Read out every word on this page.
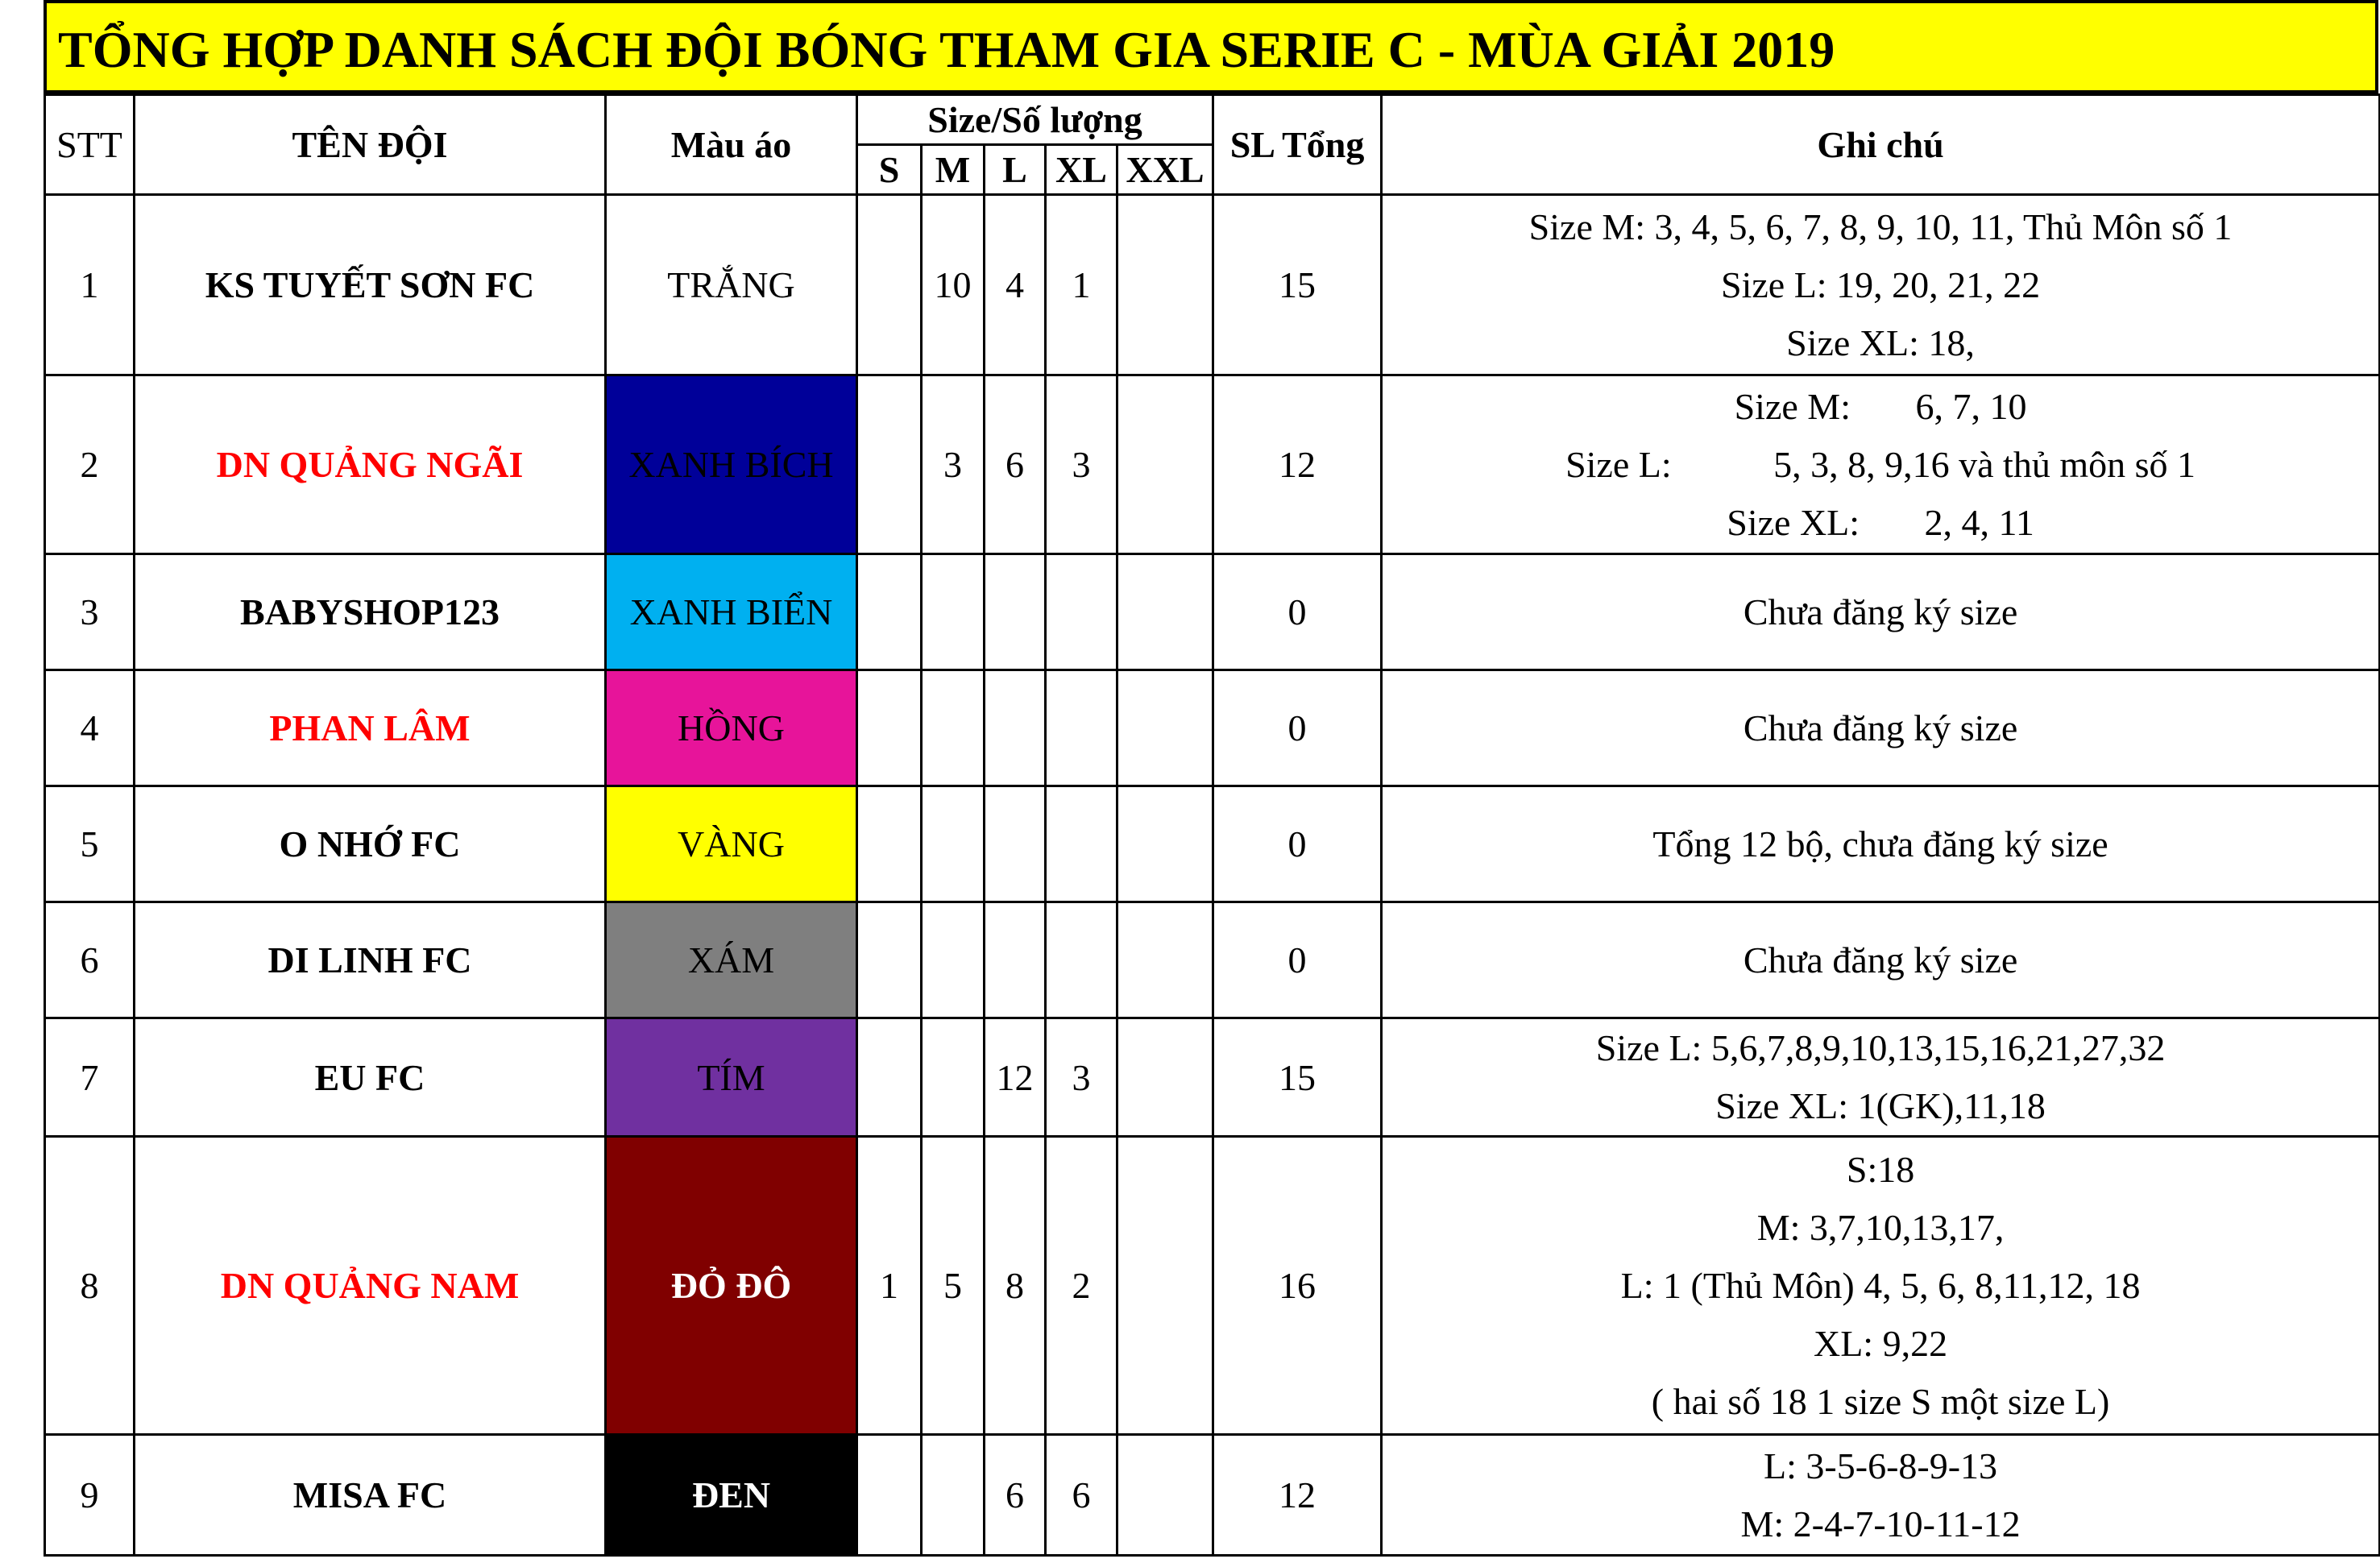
TỔNG HỢP DANH SÁCH ĐỘI BÓNG THAM GIA SERIE C - MÙA GIẢI 2019
STT	TÊN ĐỘI	Màu áo	Size/Số lượng					SL Tổng	Ghi chú
			S	M	L	XL	XXL		
1	KS TUYẾT SƠN FC	TRẮNG		10	4	1		15	Size M: 3, 4, 5, 6, 7, 8, 9, 10, 11, Thủ Môn số 1
Size L: 19, 20, 21, 22
Size XL: 18,

2	DN QUẢNG NGÃI	XANH BÍCH		3	6	3		12	Size M:       6, 7, 10
Size L:           5, 3, 8, 9,16 và thủ môn số 1
Size XL:       2, 4, 11

3	BABYSHOP123	XANH BIỂN						0	Chưa đăng ký size

4	PHAN LÂM	HỒNG						0	Chưa đăng ký size

5	O NHỚ FC	VÀNG						0	Tổng 12 bộ, chưa đăng ký size

6	DI LINH FC	XÁM						0	Chưa đăng ký size

7	EU FC	TÍM			12	3		15	Size L: 5,6,7,8,9,10,13,15,16,21,27,32
Size XL: 1(GK),11,18

8	DN QUẢNG NAM	ĐỎ ĐÔ	1	5	8	2		16	S:18
M: 3,7,10,13,17,
L: 1 (Thủ Môn) 4, 5, 6, 8,11,12, 18
XL: 9,22
( hai số 18 1 size S một size L)

9	MISA FC	ĐEN			6	6		12	L: 3-5-6-8-9-13
M: 2-4-7-10-11-12
